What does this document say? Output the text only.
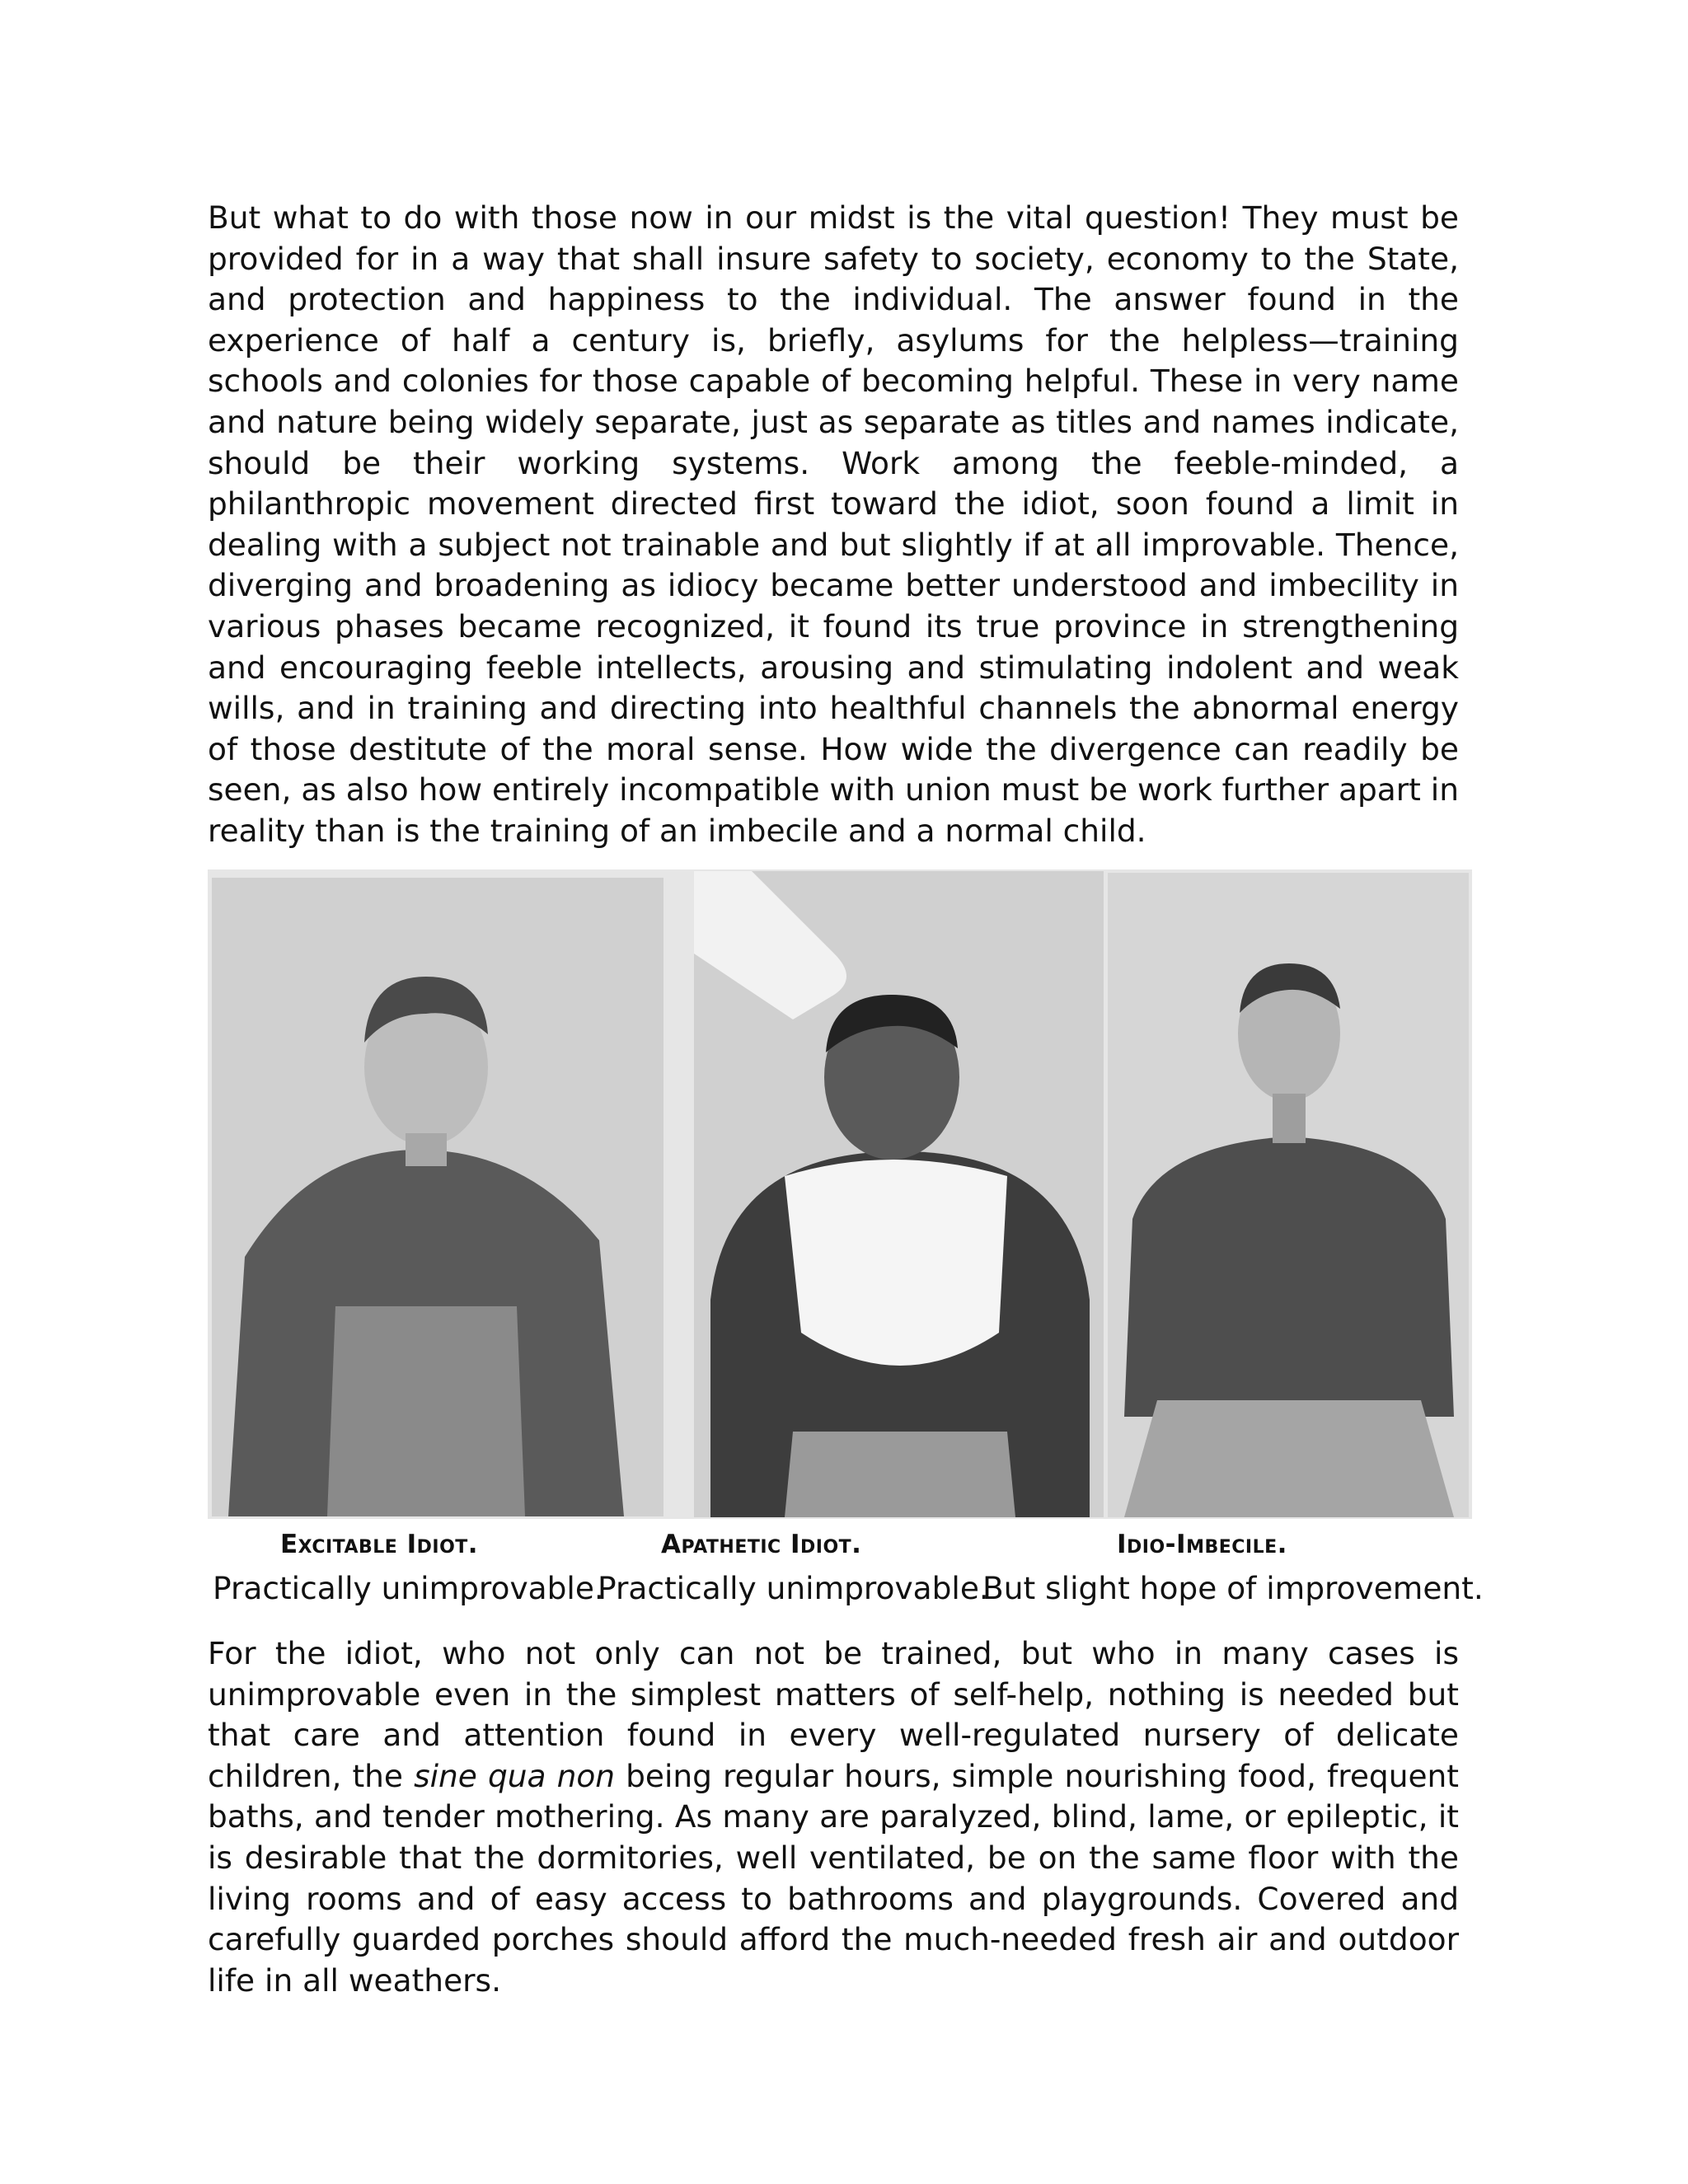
But what to do with those now in our midst is the vital question! They must be provided for in a way that shall insure safety to society, economy to the State, and protection and happiness to the individual. The answer found in the experience of half a century is, briefly, asylums for the helpless—training schools and colonies for those capable of becoming helpful. These in very name and nature being widely separate, just as separate as titles and names indicate, should be their working systems. Work among the feeble-minded, a philanthropic movement directed first toward the idiot, soon found a limit in dealing with a subject not trainable and but slightly if at all improvable. Thence, diverging and broadening as idiocy became better understood and imbecility in various phases became recognized, it found its true province in strengthening and encouraging feeble intellects, arousing and stimulating indolent and weak wills, and in training and directing into healthful channels the abnormal energy of those destitute of the moral sense. How wide the divergence can readily be seen, as also how entirely incompatible with union must be work further apart in reality than is the training of an imbecile and a normal child.

Excitable Idiot.	Apathetic Idiot.	Idio-Imbecile.
Practically unimprovable.
Practically unimprovable.
But slight hope of improvement.

For the idiot, who not only can not be trained, but who in many cases is unimprovable even in the simplest matters of self-help, nothing is needed but that care and attention found in every well-regulated nursery of delicate children, the sine qua non being regular hours, simple nourishing food, frequent baths, and tender mothering. As many are paralyzed, blind, lame, or epileptic, it is desirable that the dormitories, well ventilated, be on the same floor with the living rooms and of easy access to bathrooms and playgrounds. Covered and carefully guarded porches should afford the much-needed fresh air and outdoor life in all weathers.
